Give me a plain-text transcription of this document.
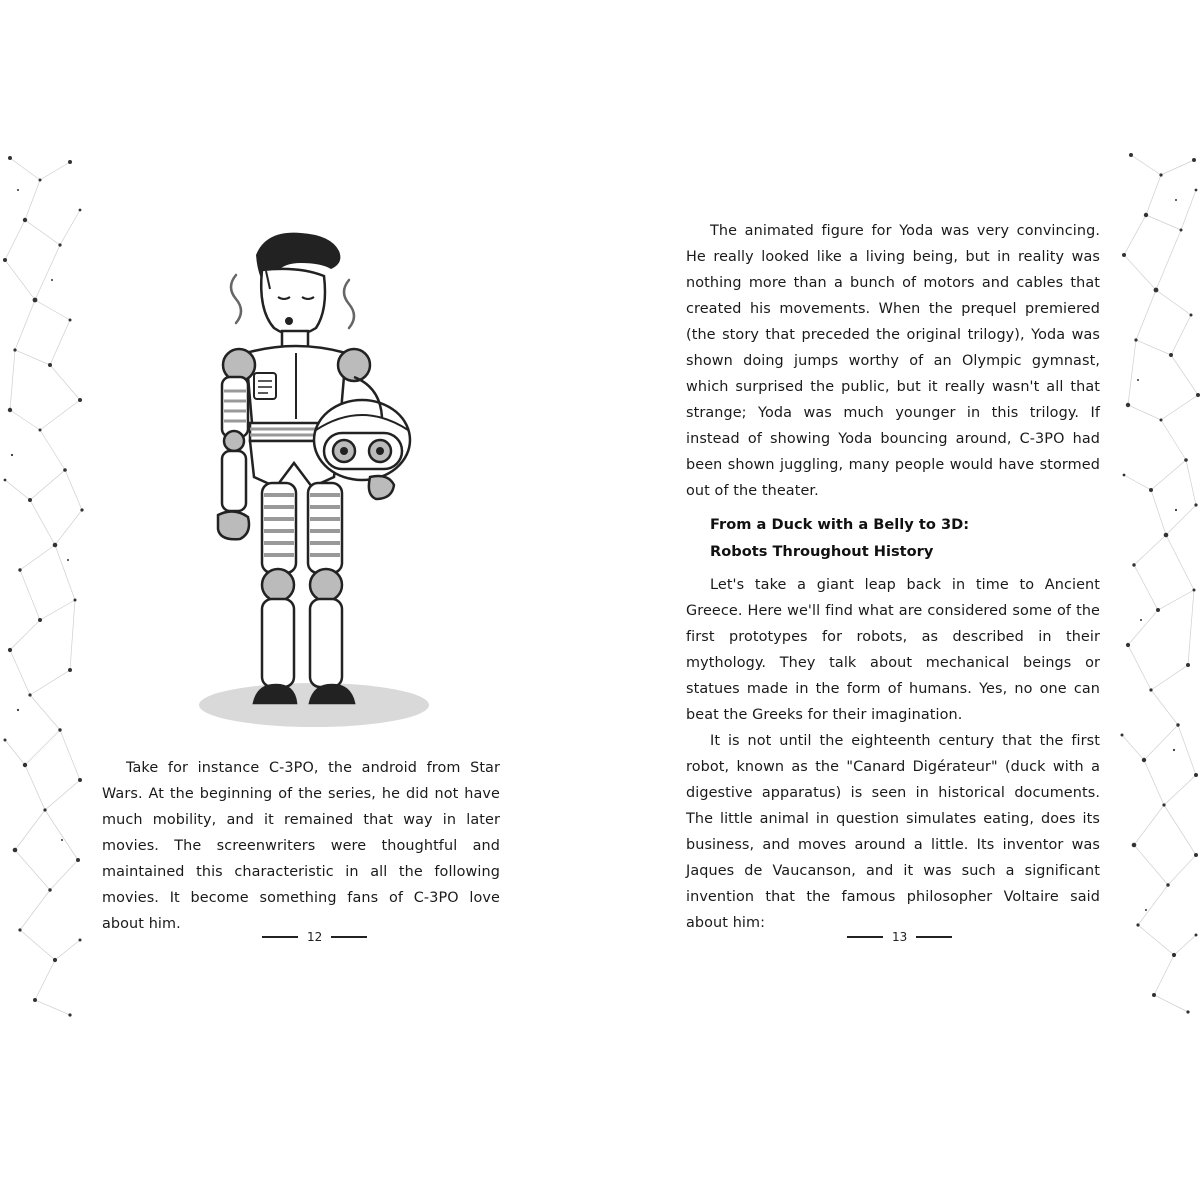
Take for instance C-3PO, the android from Star Wars. At the beginning of the series, he did not have much mobility, and it remained that way in later movies. The screenwriters were thoughtful and maintained this characteristic in all the following movies. It become something fans of C-3PO love about him.

12

The animated figure for Yoda was very convincing. He really looked like a living being, but in reality was nothing more than a bunch of motors and cables that created his movements. When the prequel premiered (the story that preceded the original trilogy), Yoda was shown doing jumps worthy of an Olympic gymnast, which surprised the public, but it really wasn't all that strange; Yoda was much younger in this trilogy. If instead of showing Yoda bouncing around, C-3PO had been shown juggling, many people would have stormed out of the theater.

From a Duck with a Belly to 3D:
Robots Throughout History

Let's take a giant leap back in time to Ancient Greece. Here we'll find what are considered some of the first prototypes for robots, as described in their mythology. They talk about mechanical beings or statues made in the form of humans. Yes, no one can beat the Greeks for their imagination.

It is not until the eighteenth century that the first robot, known as the "Canard Digérateur" (duck with a digestive apparatus) is seen in historical documents. The little animal in question simulates eating, does its business, and moves around a little. Its inventor was Jaques de Vaucanson, and it was such a significant invention that the famous philosopher Voltaire said about him:

13
